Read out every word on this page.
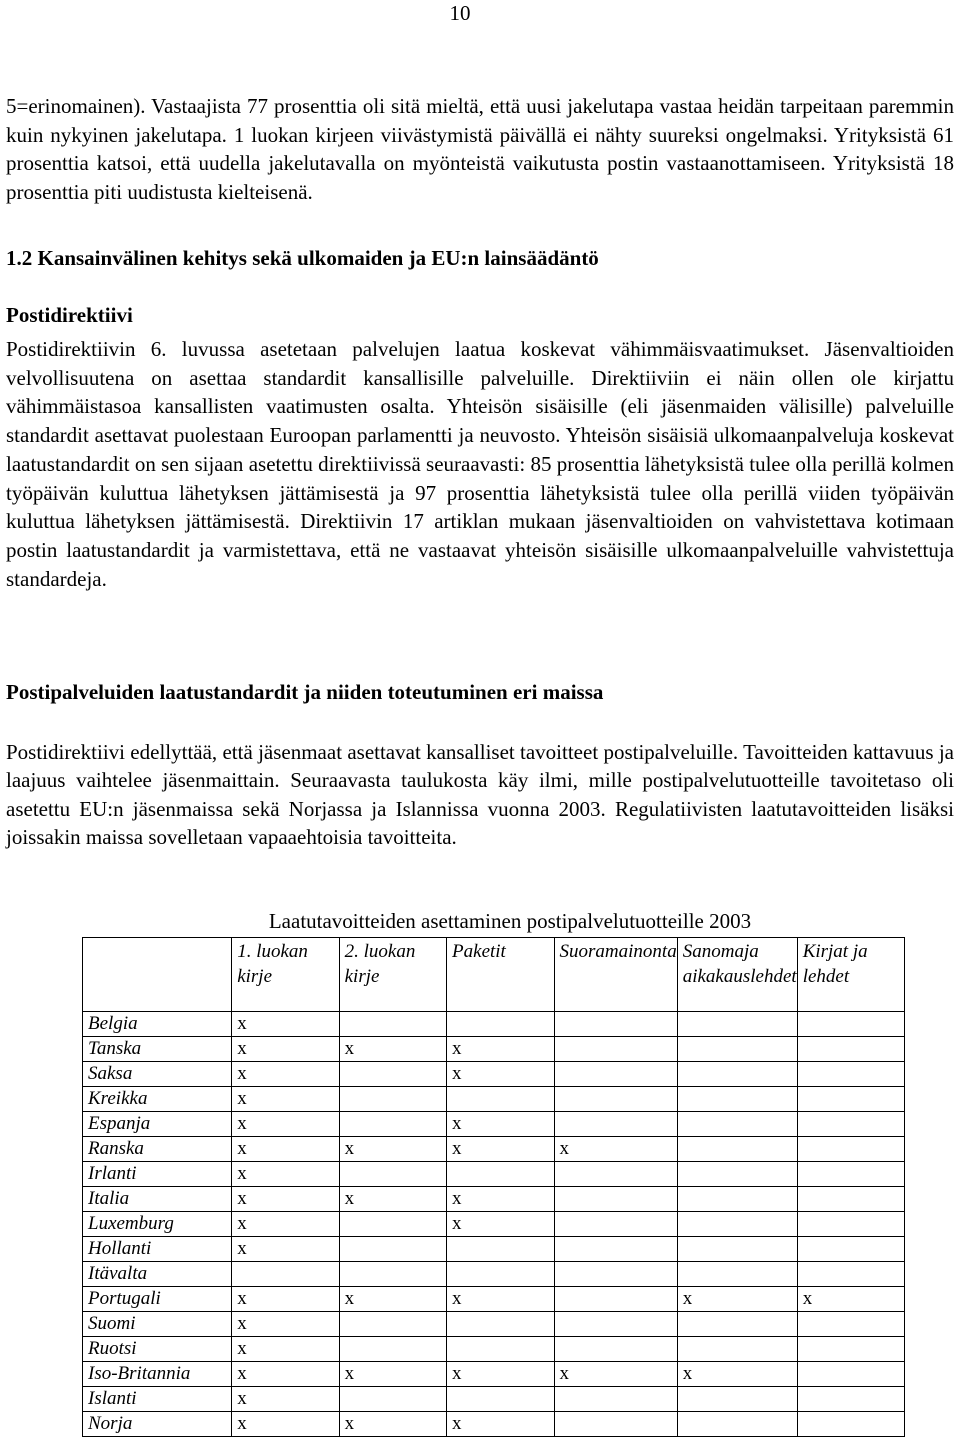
10

5=erinomainen). Vastaajista 77 prosenttia oli sitä mieltä, että uusi jakelutapa vastaa heidän tarpeitaan paremmin kuin nykyinen jakelutapa. 1 luokan kirjeen viivästymistä päivällä ei nähty suureksi ongelmaksi. Yrityksistä 61 prosenttia katsoi, että uudella jakelutavalla on myönteistä vaikutusta postin vastaanottamiseen. Yrityksistä 18 prosenttia piti uudistusta kielteisenä.

1.2 Kansainvälinen kehitys sekä ulkomaiden ja EU:n lainsäädäntö
Postidirektiivi

Postidirektiivin 6. luvussa asetetaan palvelujen laatua koskevat vähimmäisvaatimukset. Jäsenvaltioiden velvollisuutena on asettaa standardit kansallisille palveluille. Direktiiviin ei näin ollen ole kirjattu vähimmäistasoa kansallisten vaatimusten osalta. Yhteisön sisäisille (eli jäsenmaiden välisille) palveluille standardit asettavat puolestaan Euroopan parlamentti ja neuvosto. Yhteisön sisäisiä ulkomaanpalveluja koskevat laatustandardit on sen sijaan asetettu direktiivissä seuraavasti: 85 prosenttia lähetyksistä tulee olla perillä kolmen työpäivän kuluttua lähetyksen jättämisestä ja 97 prosenttia lähetyksistä tulee olla perillä viiden työpäivän kuluttua lähetyksen jättämisestä. Direktiivin 17 artiklan mukaan jäsenvaltioiden on vahvistettava kotimaan postin laatustandardit ja varmistettava, että ne vastaavat yhteisön sisäisille ulkomaanpalveluille vahvistettuja standardeja.

Postipalveluiden laatustandardit ja niiden toteutuminen eri maissa

Postidirektiivi edellyttää, että jäsenmaat asettavat kansalliset tavoitteet postipalveluille. Tavoitteiden kattavuus ja laajuus vaihtelee jäsenmaittain. Seuraavasta taulukosta käy ilmi, mille postipalvelutuotteille tavoitetaso oli asetettu EU:n jäsenmaissa sekä Norjassa ja Islannissa vuonna 2003. Regulatiivisten laatutavoitteiden lisäksi joissakin maissa sovelletaan vapaaehtoisia tavoitteita.

Laatutavoitteiden asettaminen postipalvelutuotteille 2003
	1. luokan kirje	2. luokan kirje	Paketit	Suoramainonta	Sanomaja aikakauslehdet	Kirjat ja lehdet
Belgia	x					
Tanska	x	x	x			
Saksa	x		x			
Kreikka	x					
Espanja	x		x			
Ranska	x	x	x	x		
Irlanti	x					
Italia	x	x	x			
Luxemburg	x		x			
Hollanti	x					
Itävalta						
Portugali	x	x	x		x	x
Suomi	x					
Ruotsi	x					
Iso-Britannia	x	x	x	x	x	
Islanti	x					
Norja	x	x	x			
